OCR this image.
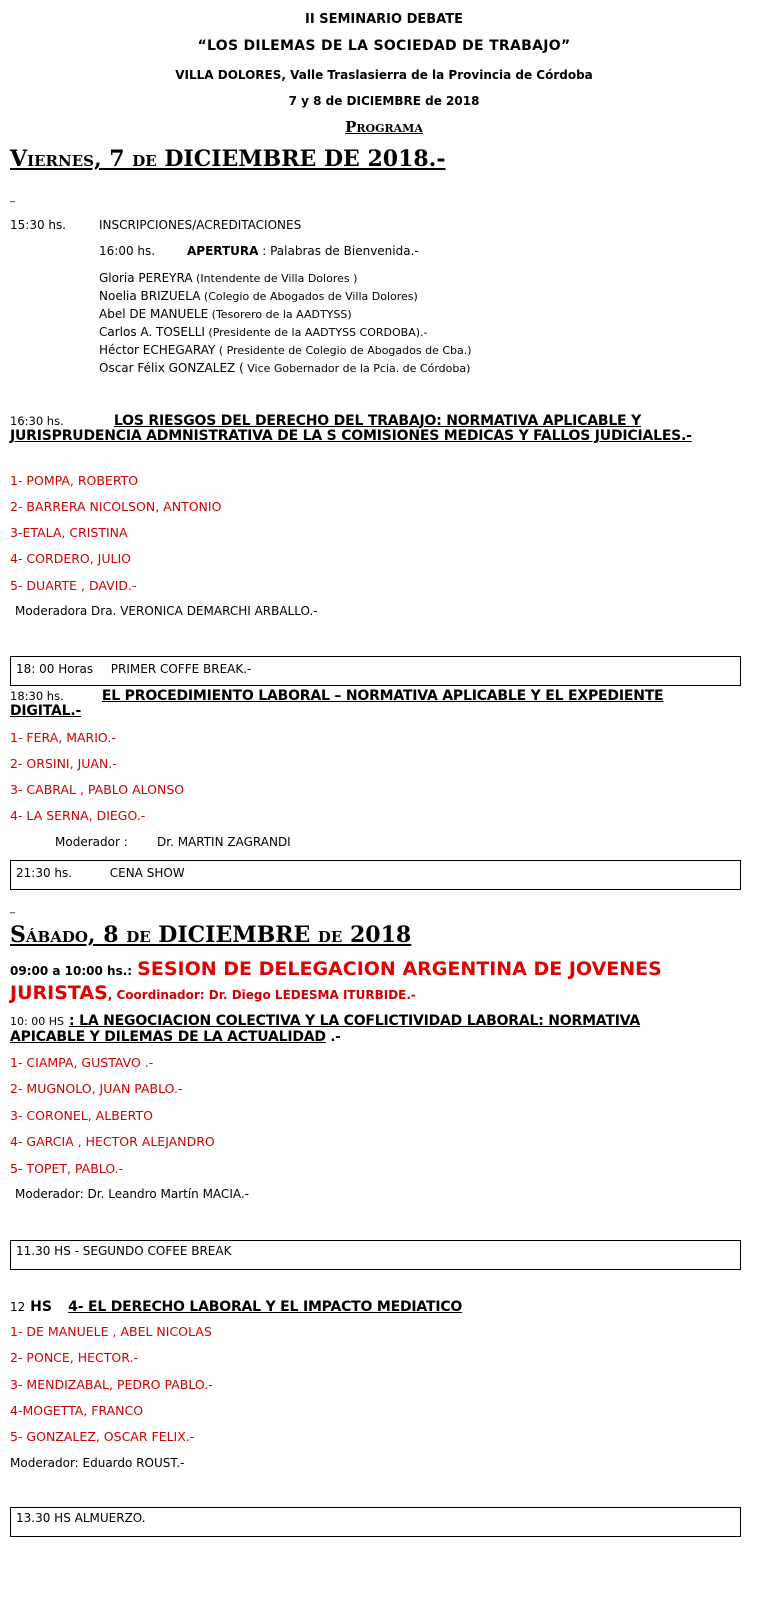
II SEMINARIO DEBATE
“LOS DILEMAS DE LA SOCIEDAD DE TRABAJO”
VILLA DOLORES, Valle Traslasierra de la Provincia de Córdoba
7 y 8 de DICIEMBRE de 2018
Programa
Viernes, 7 de DICIEMBRE DE 2018.-
_
15:30 hs.	INSCRIPCIONES/ACREDITACIONES
16:00 hs.	APERTURA : Palabras de Bienvenida.-
Gloria PEREYRA (Intendente de Villa Dolores )
Noelia BRIZUELA (Colegio de Abogados de Villa Dolores)
Abel DE MANUELE (Tesorero de la AADTYSS)
Carlos A. TOSELLI (Presidente de la AADTYSS CORDOBA).-
Héctor ECHEGARAY ( Presidente de Colegio de Abogados de Cba.)
Oscar Félix GONZALEZ ( Vice Gobernador de la Pcia. de Córdoba)
16:30 hs.	LOS RIESGOS DEL DERECHO DEL TRABAJO: NORMATIVA APLICABLE Y JURISPRUDENCIA ADMNISTRATIVA DE LA S COMISIONES MEDICAS Y FALLOS JUDICIALES.-
1- POMPA, ROBERTO
2- BARRERA NICOLSON, ANTONIO
3-ETALA, CRISTINA
4- CORDERO, JULIO
5- DUARTE , DAVID.-
Moderadora Dra. VERONICA DEMARCHI ARBALLO.-
18: 00 Horas PRIMER COFFE BREAK.-
18:30 hs.	EL PROCEDIMIENTO LABORAL – NORMATIVA APLICABLE Y EL EXPEDIENTE DIGITAL.-
1- FERA, MARIO.-
2- ORSINI, JUAN.-
3- CABRAL , PABLO ALONSO
4- LA SERNA, DIEGO.-
Moderador : Dr. MARTIN ZAGRANDI
21:30 hs.	CENA SHOW
_
Sábado, 8 de DICIEMBRE de 2018
09:00 a 10:00 hs.: SESION DE DELEGACION ARGENTINA DE JOVENES JURISTAS, Coordinador: Dr. Diego LEDESMA ITURBIDE.-
10: 00 HS : LA NEGOCIACION COLECTIVA Y LA COFLICTIVIDAD LABORAL: NORMATIVA APICABLE Y DILEMAS DE LA ACTUALIDAD .-
1- CIAMPA, GUSTAVO .-
2- MUGNOLO, JUAN PABLO.-
3- CORONEL, ALBERTO
4- GARCIA , HECTOR ALEJANDRO
5- TOPET, PABLO.-
Moderador: Dr. Leandro Martín MACIA.-
11.30 HS - SEGUNDO COFEE BREAK
12 HS 4- EL DERECHO LABORAL Y EL IMPACTO MEDIATICO
1- DE MANUELE , ABEL NICOLAS
2- PONCE, HECTOR.-
3- MENDIZABAL, PEDRO PABLO.-
4-MOGETTA, FRANCO
5- GONZALEZ, OSCAR FELIX.-
Moderador: Eduardo ROUST.-
13.30 HS ALMUERZO.
